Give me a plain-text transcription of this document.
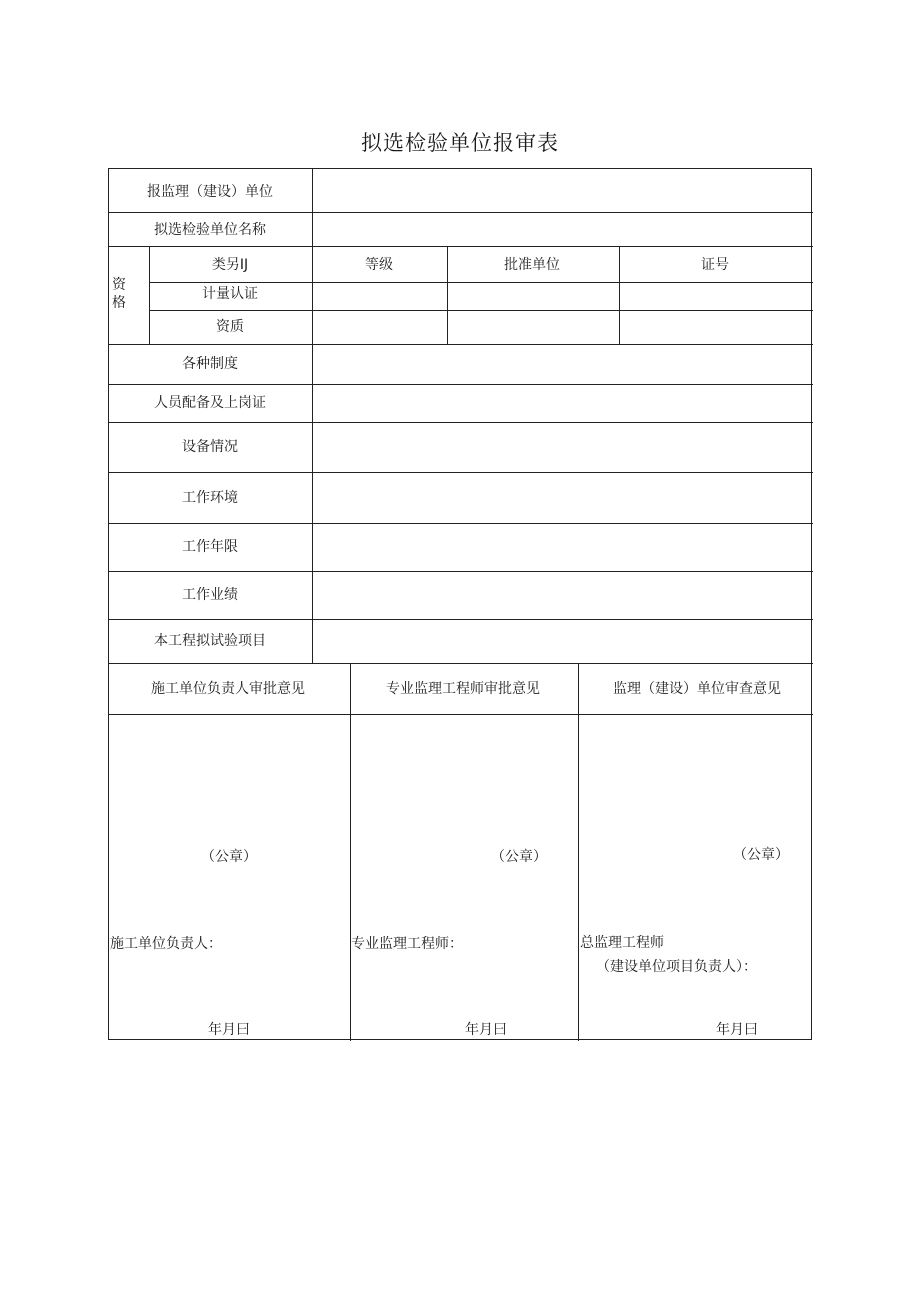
拟选检验单位报审表
报监理（建设）单位
拟选检验单位名称
资格
类另IJ	等级	批准单位	证号
计量认证
资质
各种制度
人员配备及上岗证
设备情况
工作环境
工作年限
工作业绩
本工程拟试验项目
施工单位负责人审批意见	专业监理工程师审批意见	监理（建设）单位审查意见
（公章）	（公章）	（公章）
施工单位负责人：	专业监理工程师：	总监理工程师
（建设单位项目负责人）：
年月曰	年月曰	年月曰
